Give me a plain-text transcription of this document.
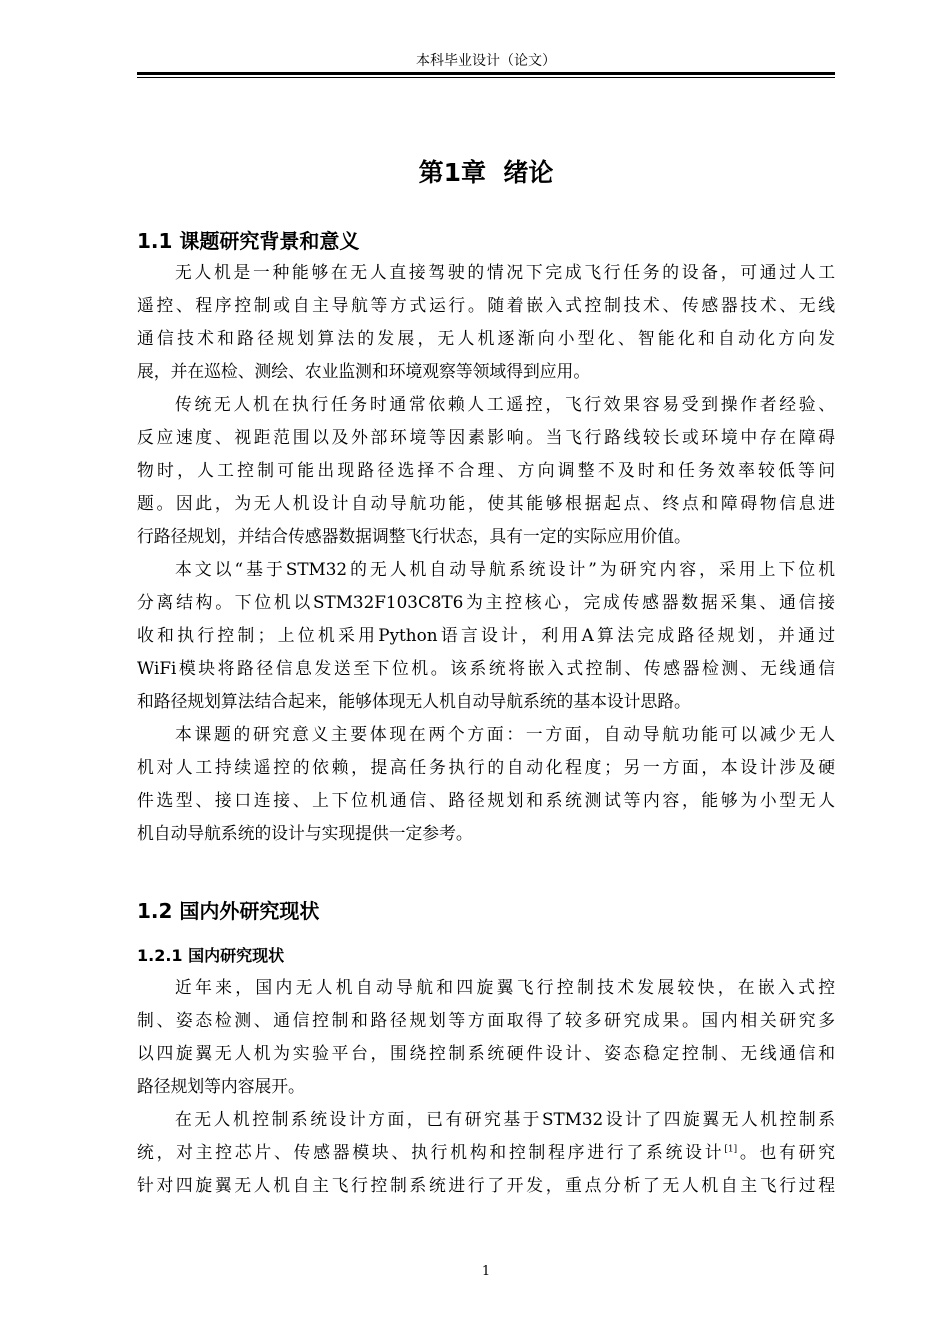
本科毕业设计（论文）
第1章  绪论
1.1 课题研究背景和意义
无人机是一种能够在无人直接驾驶的情况下完成飞行任务的设备，可通过人工
遥控、程序控制或自主导航等方式运行。随着嵌入式控制技术、传感器技术、无线
通信技术和路径规划算法的发展，无人机逐渐向小型化、智能化和自动化方向发
展，并在巡检、测绘、农业监测和环境观察等领域得到应用。
传统无人机在执行任务时通常依赖人工遥控，飞行效果容易受到操作者经验、
反应速度、视距范围以及外部环境等因素影响。当飞行路线较长或环境中存在障碍
物时，人工控制可能出现路径选择不合理、方向调整不及时和任务效率较低等问
题。因此，为无人机设计自动导航功能，使其能够根据起点、终点和障碍物信息进
行路径规划，并结合传感器数据调整飞行状态，具有一定的实际应用价值。
本文以“基于STM32的无人机自动导航系统设计”为研究内容，采用上下位机
分离结构。下位机以STM32F103C8T6为主控核心，完成传感器数据采集、通信接
收和执行控制；上位机采用Python语言设计，利用A算法完成路径规划，并通过
WiFi模块将路径信息发送至下位机。该系统将嵌入式控制、传感器检测、无线通信
和路径规划算法结合起来，能够体现无人机自动导航系统的基本设计思路。
本课题的研究意义主要体现在两个方面：一方面，自动导航功能可以减少无人
机对人工持续遥控的依赖，提高任务执行的自动化程度；另一方面，本设计涉及硬
件选型、接口连接、上下位机通信、路径规划和系统测试等内容，能够为小型无人
机自动导航系统的设计与实现提供一定参考。
1.2 国内外研究现状
1.2.1 国内研究现状
近年来，国内无人机自动导航和四旋翼飞行控制技术发展较快，在嵌入式控
制、姿态检测、通信控制和路径规划等方面取得了较多研究成果。国内相关研究多
以四旋翼无人机为实验平台，围绕控制系统硬件设计、姿态稳定控制、无线通信和
路径规划等内容展开。
在无人机控制系统设计方面，已有研究基于STM32设计了四旋翼无人机控制系
统，对主控芯片、传感器模块、执行机构和控制程序进行了系统设计[1]。也有研究
针对四旋翼无人机自主飞行控制系统进行了开发，重点分析了无人机自主飞行过程
1
